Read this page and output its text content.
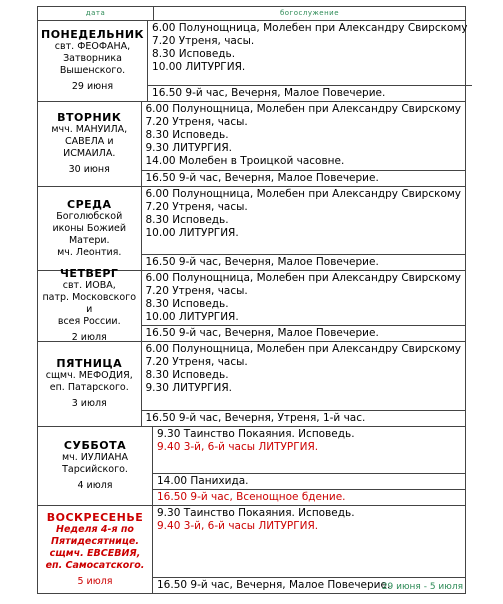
дата	богослужение
ПОНЕДЕЛЬНИК
свт. ФЕОФАНА,
Затворника
Вышенского.
29 июня
6.00 Полунощница, Молебен при Александру Свирскому
7.20 Утреня, часы.
8.30 Исповедь.
10.00 ЛИТУРГИЯ.
16.50 9-й час, Вечерня, Малое Повечерие.
ВТОРНИК
мчч. МАНУИЛА,
САВЕЛА и
ИСМАИЛА.
30 июня
6.00 Полунощница, Молебен при Александру Свирскому
7.20 Утреня, часы.
8.30 Исповедь.
9.30 ЛИТУРГИЯ.
14.00 Молебен в Троицкой часовне.
16.50 9-й час, Вечерня, Малое Повечерие.
СРЕДА
Боголюбской
иконы Божией
Матери.
мч. Леонтия.
6.00 Полунощница, Молебен при Александру Свирскому
7.20 Утреня, часы.
8.30 Исповедь.
10.00 ЛИТУРГИЯ.
16.50 9-й час, Вечерня, Малое Повечерие.
ЧЕТВЕРГ
свт. ИОВА,
патр. Московского и
всея России.
2 июля
6.00 Полунощница, Молебен при Александру Свирскому
7.20 Утреня, часы.
8.30 Исповедь.
10.00 ЛИТУРГИЯ.
16.50 9-й час, Вечерня, Малое Повечерие.
ПЯТНИЦА
сщмч. МЕФОДИЯ,
еп. Патарского.
3 июля
6.00 Полунощница, Молебен при Александру Свирскому
7.20 Утреня, часы.
8.30 Исповедь.
9.30 ЛИТУРГИЯ.
16.50 9-й час, Вечерня, Утреня, 1-й час.
СУББОТА
мч. ИУЛИАНА
Тарсийского.
4 июля
9.30 Таинство Покаяния. Исповедь.
9.40 3-й, 6-й часы ЛИТУРГИЯ.
14.00 Панихида.
16.50 9-й час, Всенощное бдение.
ВОСКРЕСЕНЬЕ
Неделя 4-я по
Пятидесятнице.
сщмч. ЕВСЕВИЯ,
еп. Самосатского.
5 июля
9.30 Таинство Покаяния. Исповедь.
9.40 3-й, 6-й часы ЛИТУРГИЯ.
16.50 9-й час, Вечерня, Малое Повечерие.
29 июня - 5 июля
